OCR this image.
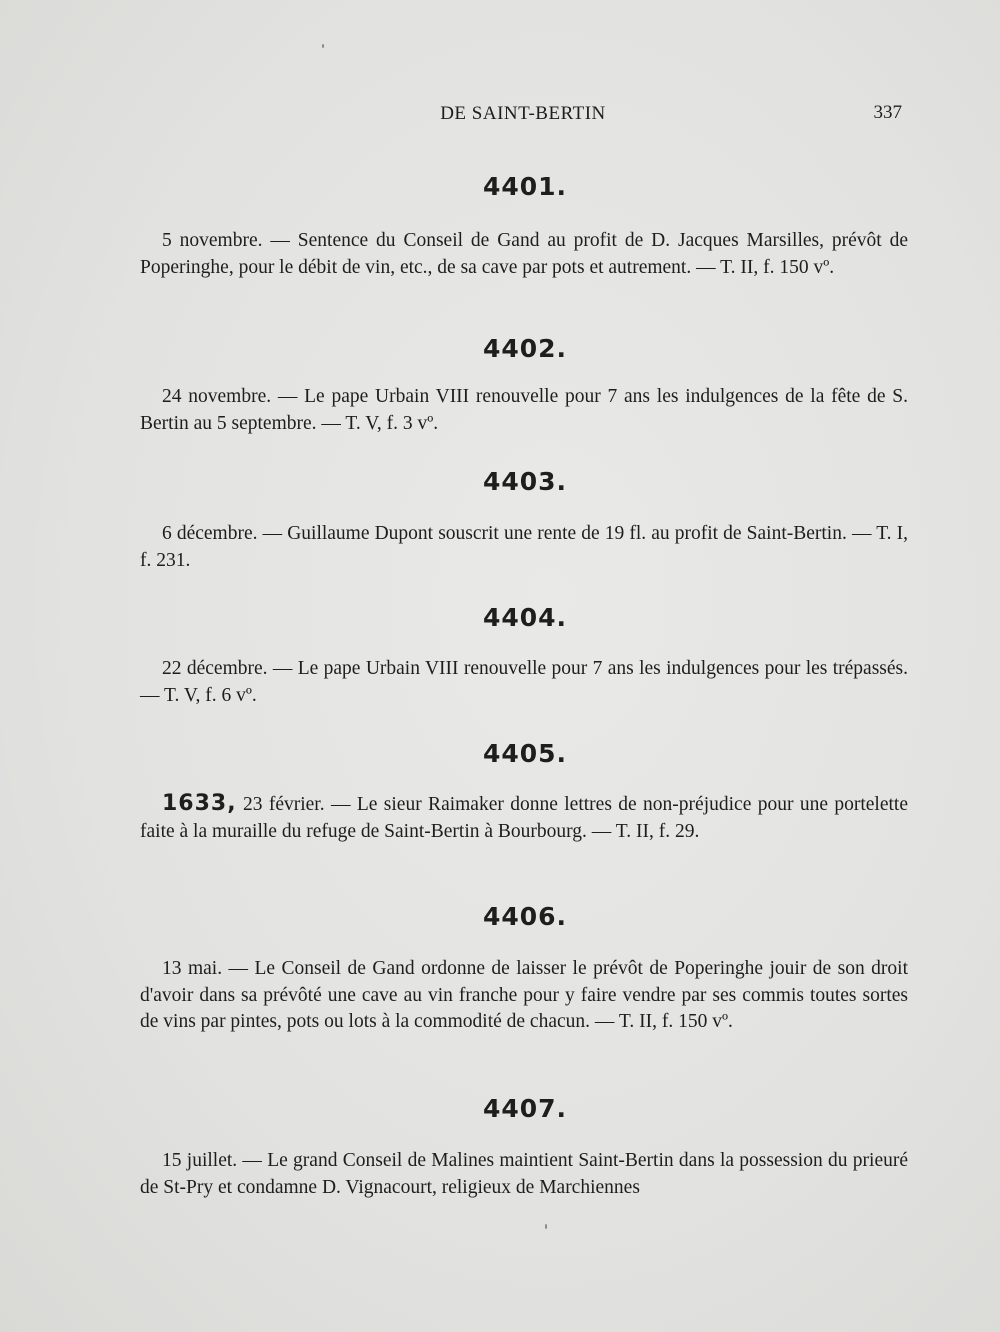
DE SAINT-BERTIN	337
4401.
5 novembre. — Sentence du Conseil de Gand au profit de D. Jacques Marsilles, prévôt de Poperinghe, pour le débit de vin, etc., de sa cave par pots et autrement. — T. II, f. 150 vº.
4402.
24 novembre. — Le pape Urbain VIII renouvelle pour 7 ans les indulgences de la fête de S. Bertin au 5 septembre. — T. V, f. 3 vº.
4403.
6 décembre. — Guillaume Dupont souscrit une rente de 19 fl. au profit de Saint-Bertin. — T. I, f. 231.
4404.
22 décembre. — Le pape Urbain VIII renouvelle pour 7 ans les indulgences pour les trépassés. — T. V, f. 6 vº.
4405.
1633, 23 février. — Le sieur Raimaker donne lettres de non-préjudice pour une portelette faite à la muraille du refuge de Saint-Bertin à Bourbourg. — T. II, f. 29.
4406.
13 mai. — Le Conseil de Gand ordonne de laisser le prévôt de Poperinghe jouir de son droit d'avoir dans sa prévôté une cave au vin franche pour y faire vendre par ses commis toutes sortes de vins par pintes, pots ou lots à la commodité de chacun. — T. II, f. 150 vº.
4407.
15 juillet. — Le grand Conseil de Malines maintient Saint-Bertin dans la possession du prieuré de St-Pry et condamne D. Vignacourt, religieux de Marchiennes
